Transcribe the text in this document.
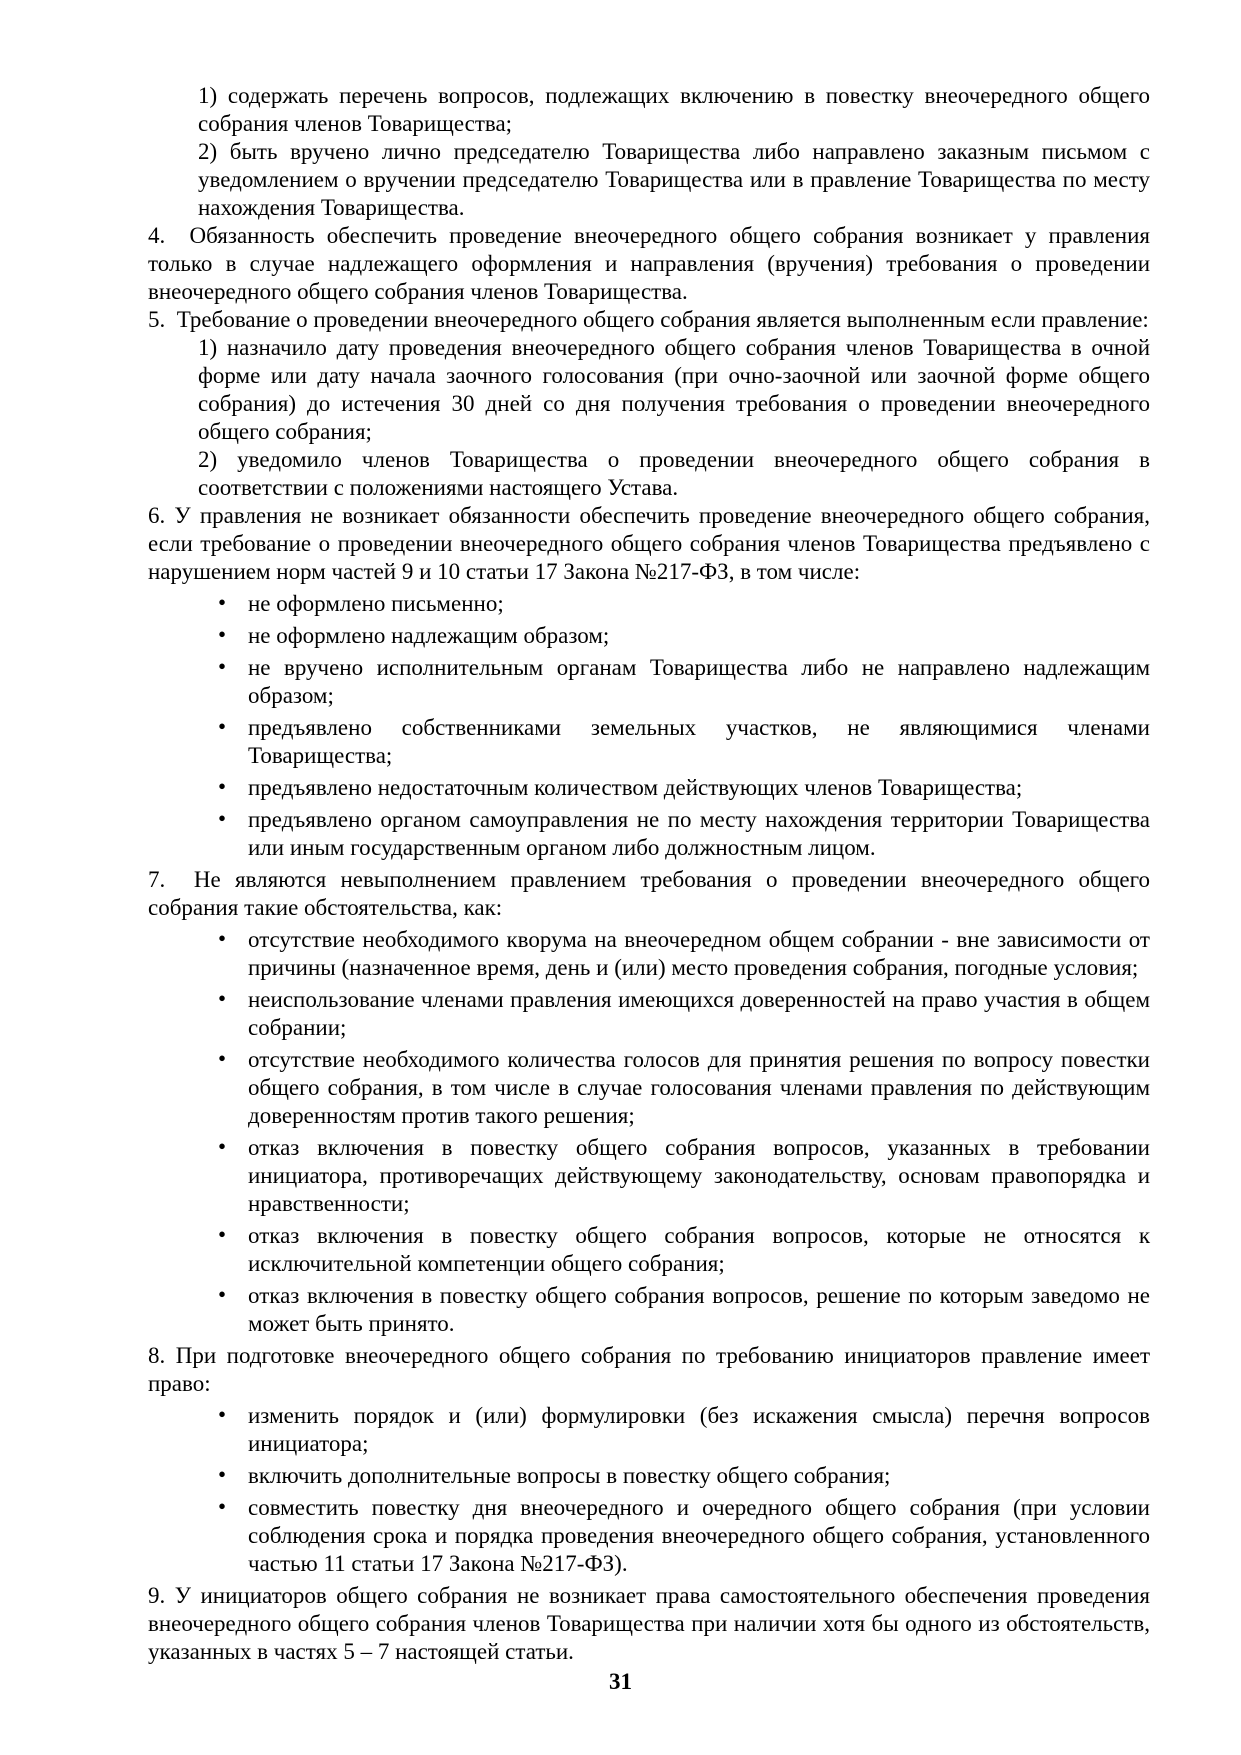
1) содержать перечень вопросов, подлежащих включению в повестку внеочередного общего собрания членов Товарищества;
2) быть вручено лично председателю Товарищества либо направлено заказным письмом с уведомлением о вручении председателю Товарищества или в правление Товарищества по месту нахождения Товарищества.
4.  Обязанность обеспечить проведение внеочередного общего собрания возникает у правления только в случае надлежащего оформления и направления (вручения) требования о проведении внеочередного общего собрания членов Товарищества.
5.  Требование о проведении внеочередного общего собрания является выполненным если правление:
1) назначило дату проведения внеочередного общего собрания членов Товарищества в очной форме или дату начала заочного голосования (при очно-заочной или заочной форме общего собрания) до истечения 30 дней со дня получения требования о проведении внеочередного общего собрания;
2) уведомило членов Товарищества о проведении внеочередного общего собрания в соответствии с положениями настоящего Устава.
6. У правления не возникает обязанности обеспечить проведение внеочередного общего собрания, если требование о проведении внеочередного общего собрания членов Товарищества предъявлено с нарушением норм частей 9 и 10 статьи 17 Закона №217-ФЗ, в том числе:
• не оформлено письменно;
• не оформлено надлежащим образом;
• не вручено исполнительным органам Товарищества либо не направлено надлежащим образом;
• предъявлено собственниками земельных участков, не являющимися членами Товарищества;
• предъявлено недостаточным количеством действующих членов Товарищества;
• предъявлено органом самоуправления не по месту нахождения территории Товарищества или иным государственным органом либо должностным лицом.
7.  Не являются невыполнением правлением требования о проведении внеочередного общего собрания такие обстоятельства, как:
• отсутствие необходимого кворума на внеочередном общем собрании - вне зависимости от причины (назначенное время, день и (или) место проведения собрания, погодные условия;
• неиспользование членами правления имеющихся доверенностей на право участия в общем собрании;
• отсутствие необходимого количества голосов для принятия решения по вопросу повестки общего собрания, в том числе в случае голосования членами правления по действующим доверенностям против такого решения;
• отказ включения в повестку общего собрания вопросов, указанных в требовании инициатора, противоречащих действующему законодательству, основам правопорядка и нравственности;
• отказ включения в повестку общего собрания вопросов, которые не относятся к исключительной компетенции общего собрания;
• отказ включения в повестку общего собрания вопросов, решение по которым заведомо не может быть принято.
8. При подготовке внеочередного общего собрания по требованию инициаторов правление имеет право:
• изменить порядок и (или) формулировки (без искажения смысла) перечня вопросов инициатора;
• включить дополнительные вопросы в повестку общего собрания;
• совместить повестку дня внеочередного и очередного общего собрания (при условии соблюдения срока и порядка проведения внеочередного общего собрания, установленного частью 11 статьи 17 Закона №217-ФЗ).
9. У инициаторов общего собрания не возникает права самостоятельного обеспечения проведения внеочередного общего собрания членов Товарищества при наличии хотя бы одного из обстоятельств, указанных в частях 5 – 7 настоящей статьи.
31
